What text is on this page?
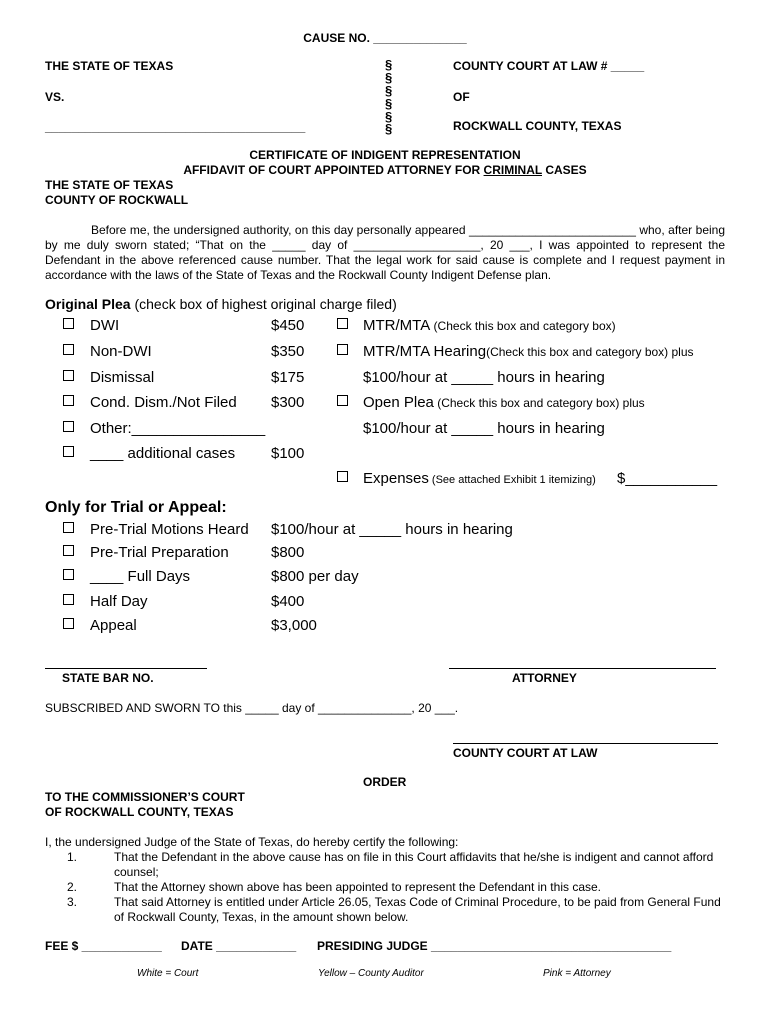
CAUSE NO. ______________
THE STATE OF TEXAS
VS.
_______________________________________
§
§
§
§
§
§
COUNTY COURT AT LAW # _____
OF
ROCKWALL COUNTY, TEXAS
CERTIFICATE OF INDIGENT REPRESENTATION
AFFIDAVIT OF COURT APPOINTED ATTORNEY FOR CRIMINAL CASES
THE STATE OF TEXAS
COUNTY OF ROCKWALL
Before me, the undersigned authority, on this day personally appeared _________________________ who, after being by me duly sworn stated; “That on the _____ day of ___________________, 20 ___, I was appointed to represent the Defendant in the above referenced cause number. That the legal work for said cause is complete and I request payment in accordance with the laws of the State of Texas and the Rockwall County Indigent Defense plan.
Original Plea (check box of highest original charge filed)
DWI	$450
Non-DWI	$350
Dismissal	$175
Cond. Dism./Not Filed $300
Other:________________
____ additional cases $100
MTR/MTA (Check this box and category box)
MTR/MTA Hearing(Check this box and category box) plus
$100/hour at _____ hours in hearing
Open Plea (Check this box and category box) plus
$100/hour at _____ hours in hearing
Expenses (See attached Exhibit 1 itemizing) $___________
Only for Trial or Appeal:
Pre-Trial Motions Heard $100/hour at _____ hours in hearing
Pre-Trial Preparation	$800
____ Full Days	$800 per day
Half Day	$400
Appeal	$3,000
STATE BAR NO.	ATTORNEY
SUBSCRIBED AND SWORN TO this _____ day of ______________, 20 ___.
COUNTY COURT AT LAW
ORDER
TO THE COMMISSIONER’S COURT
OF ROCKWALL COUNTY, TEXAS
I, the undersigned Judge of the State of Texas, do hereby certify the following:
1.	That the Defendant in the above cause has on file in this Court affidavits that he/she is indigent and cannot afford counsel;
2.	That the Attorney shown above has been appointed to represent the Defendant in this case.
3.	That said Attorney is entitled under Article 26.05, Texas Code of Criminal Procedure, to be paid from General Fund of Rockwall County, Texas, in the amount shown below.
FEE $ ____________ DATE ____________ PRESIDING JUDGE ____________________________________
White = Court	Yellow – County Auditor	Pink = Attorney
